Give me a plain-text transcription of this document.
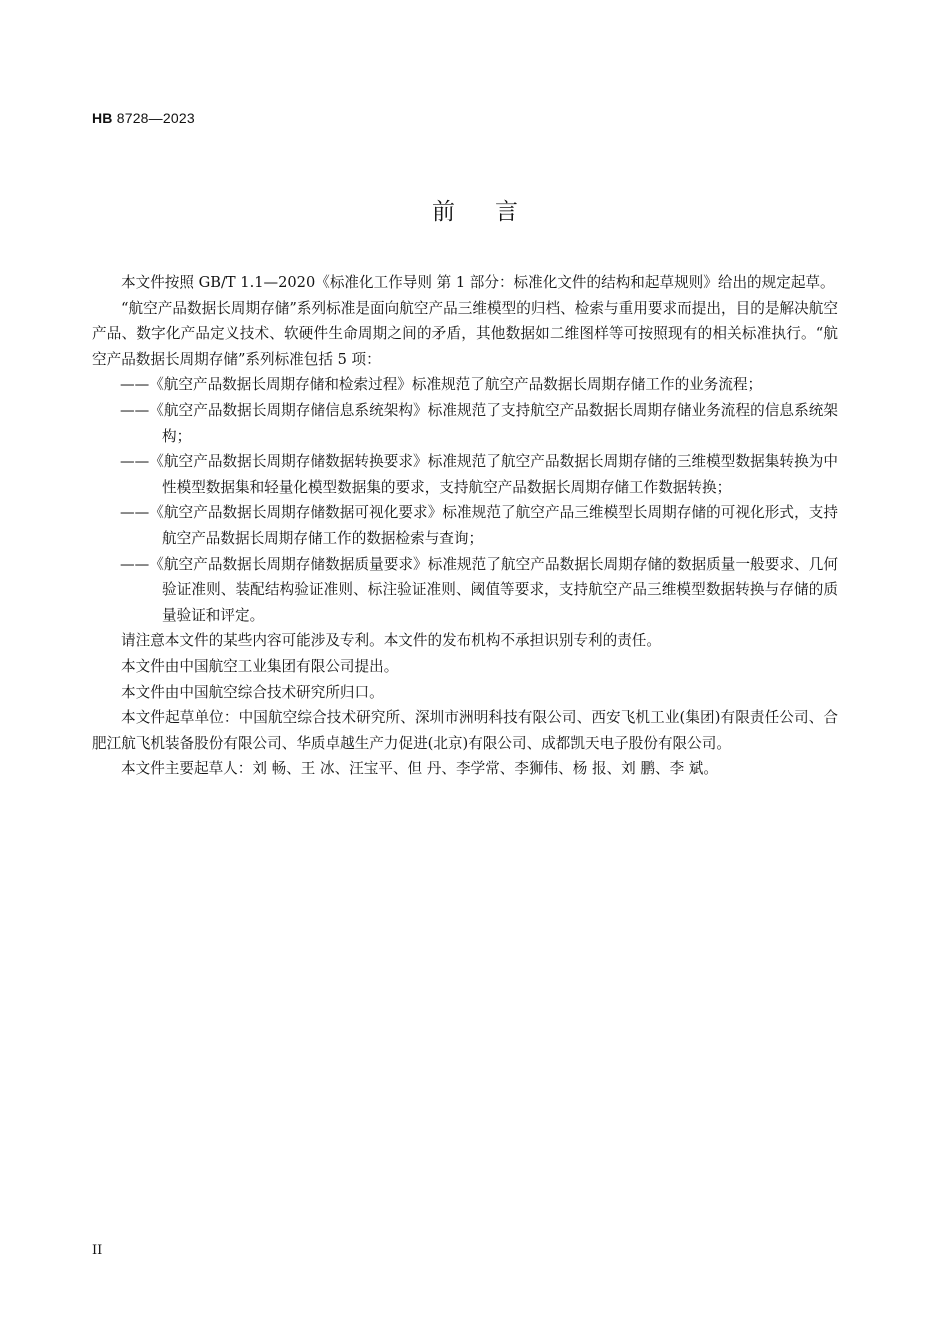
HB 8728—2023
前言

本文件按照 GB/T 1.1—2020《标准化工作导则 第 1 部分：标准化文件的结构和起草规则》给出的规定起草。

“航空产品数据长周期存储”系列标准是面向航空产品三维模型的归档、检索与重用要求而提出，目的是解决航空产品、数字化产品定义技术、软硬件生命周期之间的矛盾，其他数据如二维图样等可按照现有的相关标准执行。“航空产品数据长周期存储”系列标准包括 5 项：

——《航空产品数据长周期存储和检索过程》标准规范了航空产品数据长周期存储工作的业务流程；

——《航空产品数据长周期存储信息系统架构》标准规范了支持航空产品数据长周期存储业务流程的信息系统架构；

——《航空产品数据长周期存储数据转换要求》标准规范了航空产品数据长周期存储的三维模型数据集转换为中性模型数据集和轻量化模型数据集的要求，支持航空产品数据长周期存储工作数据转换；

——《航空产品数据长周期存储数据可视化要求》标准规范了航空产品三维模型长周期存储的可视化形式，支持航空产品数据长周期存储工作的数据检索与查询；

——《航空产品数据长周期存储数据质量要求》标准规范了航空产品数据长周期存储的数据质量一般要求、几何验证准则、装配结构验证准则、标注验证准则、阈值等要求，支持航空产品三维模型数据转换与存储的质量验证和评定。

请注意本文件的某些内容可能涉及专利。本文件的发布机构不承担识别专利的责任。

本文件由中国航空工业集团有限公司提出。

本文件由中国航空综合技术研究所归口。

本文件起草单位：中国航空综合技术研究所、深圳市洲明科技有限公司、西安飞机工业(集团)有限责任公司、合肥江航飞机装备股份有限公司、华质卓越生产力促进(北京)有限公司、成都凯天电子股份有限公司。

本文件主要起草人：刘 畅、王 冰、汪宝平、但 丹、李学常、李狮伟、杨 报、刘 鹏、李 斌。

II
